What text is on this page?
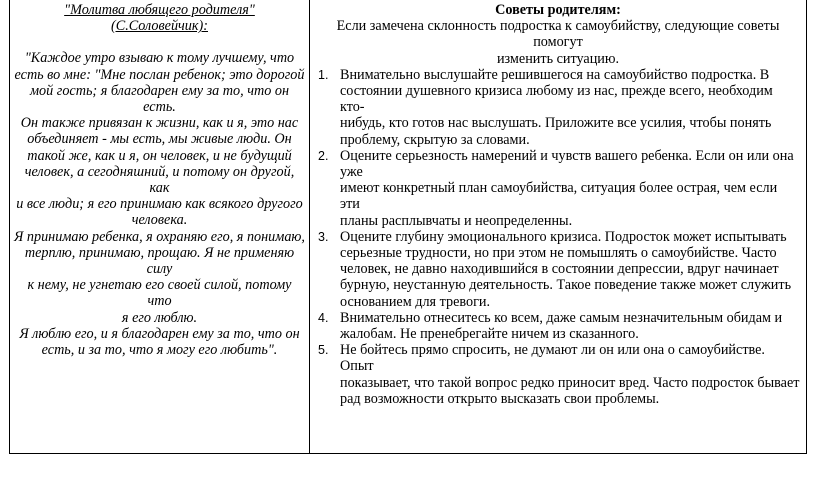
"Молитва любящего родителя"
(С.Соловейчик):
"Каждое утро взываю к тому лучшему, что
есть во мне: "Мне послан ребенок; это дорогой
мой гость; я благодарен ему за то, что он есть.
Он также привязан к жизни, как и я, это нас
объединяет - мы есть, мы живые люди. Он
такой же, как и я, он человек, и не будущий
человек, а сегодняшний, и потому он другой, как
и все люди; я его принимаю как всякого другого
человека.
Я принимаю ребенка, я охраняю его, я понимаю,
терплю, принимаю, прощаю. Я не применяю силу
к нему, не угнетаю его своей силой, потому что
я его люблю.
Я люблю его, и я благодарен ему за то, что он
есть, и за то, что я могу его любить".
Советы родителям:
Если замечена склонность подростка к самоубийству, следующие советы помогут
изменить ситуацию.
1. Внимательно выслушайте решившегося на самоубийство подростка. В
состоянии душевного кризиса любому из нас, прежде всего, необходим кто-
нибудь, кто готов нас выслушать. Приложите все усилия, чтобы понять
проблему, скрытую за словами.
2. Оцените серьезность намерений и чувств вашего ребенка. Если он или она уже
имеют конкретный план самоубийства, ситуация более острая, чем если эти
планы расплывчаты и неопределенны.
3. Оцените глубину эмоционального кризиса. Подросток может испытывать
серьезные трудности, но при этом не помышлять о самоубийстве. Часто
человек, не давно находившийся в состоянии депрессии, вдруг начинает
бурную, неустанную деятельность. Такое поведение также может служить
основанием для тревоги.
4. Внимательно отнеситесь ко всем, даже самым незначительным обидам и
жалобам. Не пренебрегайте ничем из сказанного.
5. Не бойтесь прямо спросить, не думают ли он или она о самоубийстве. Опыт
показывает, что такой вопрос редко приносит вред. Часто подросток бывает
рад возможности открыто высказать свои проблемы.
